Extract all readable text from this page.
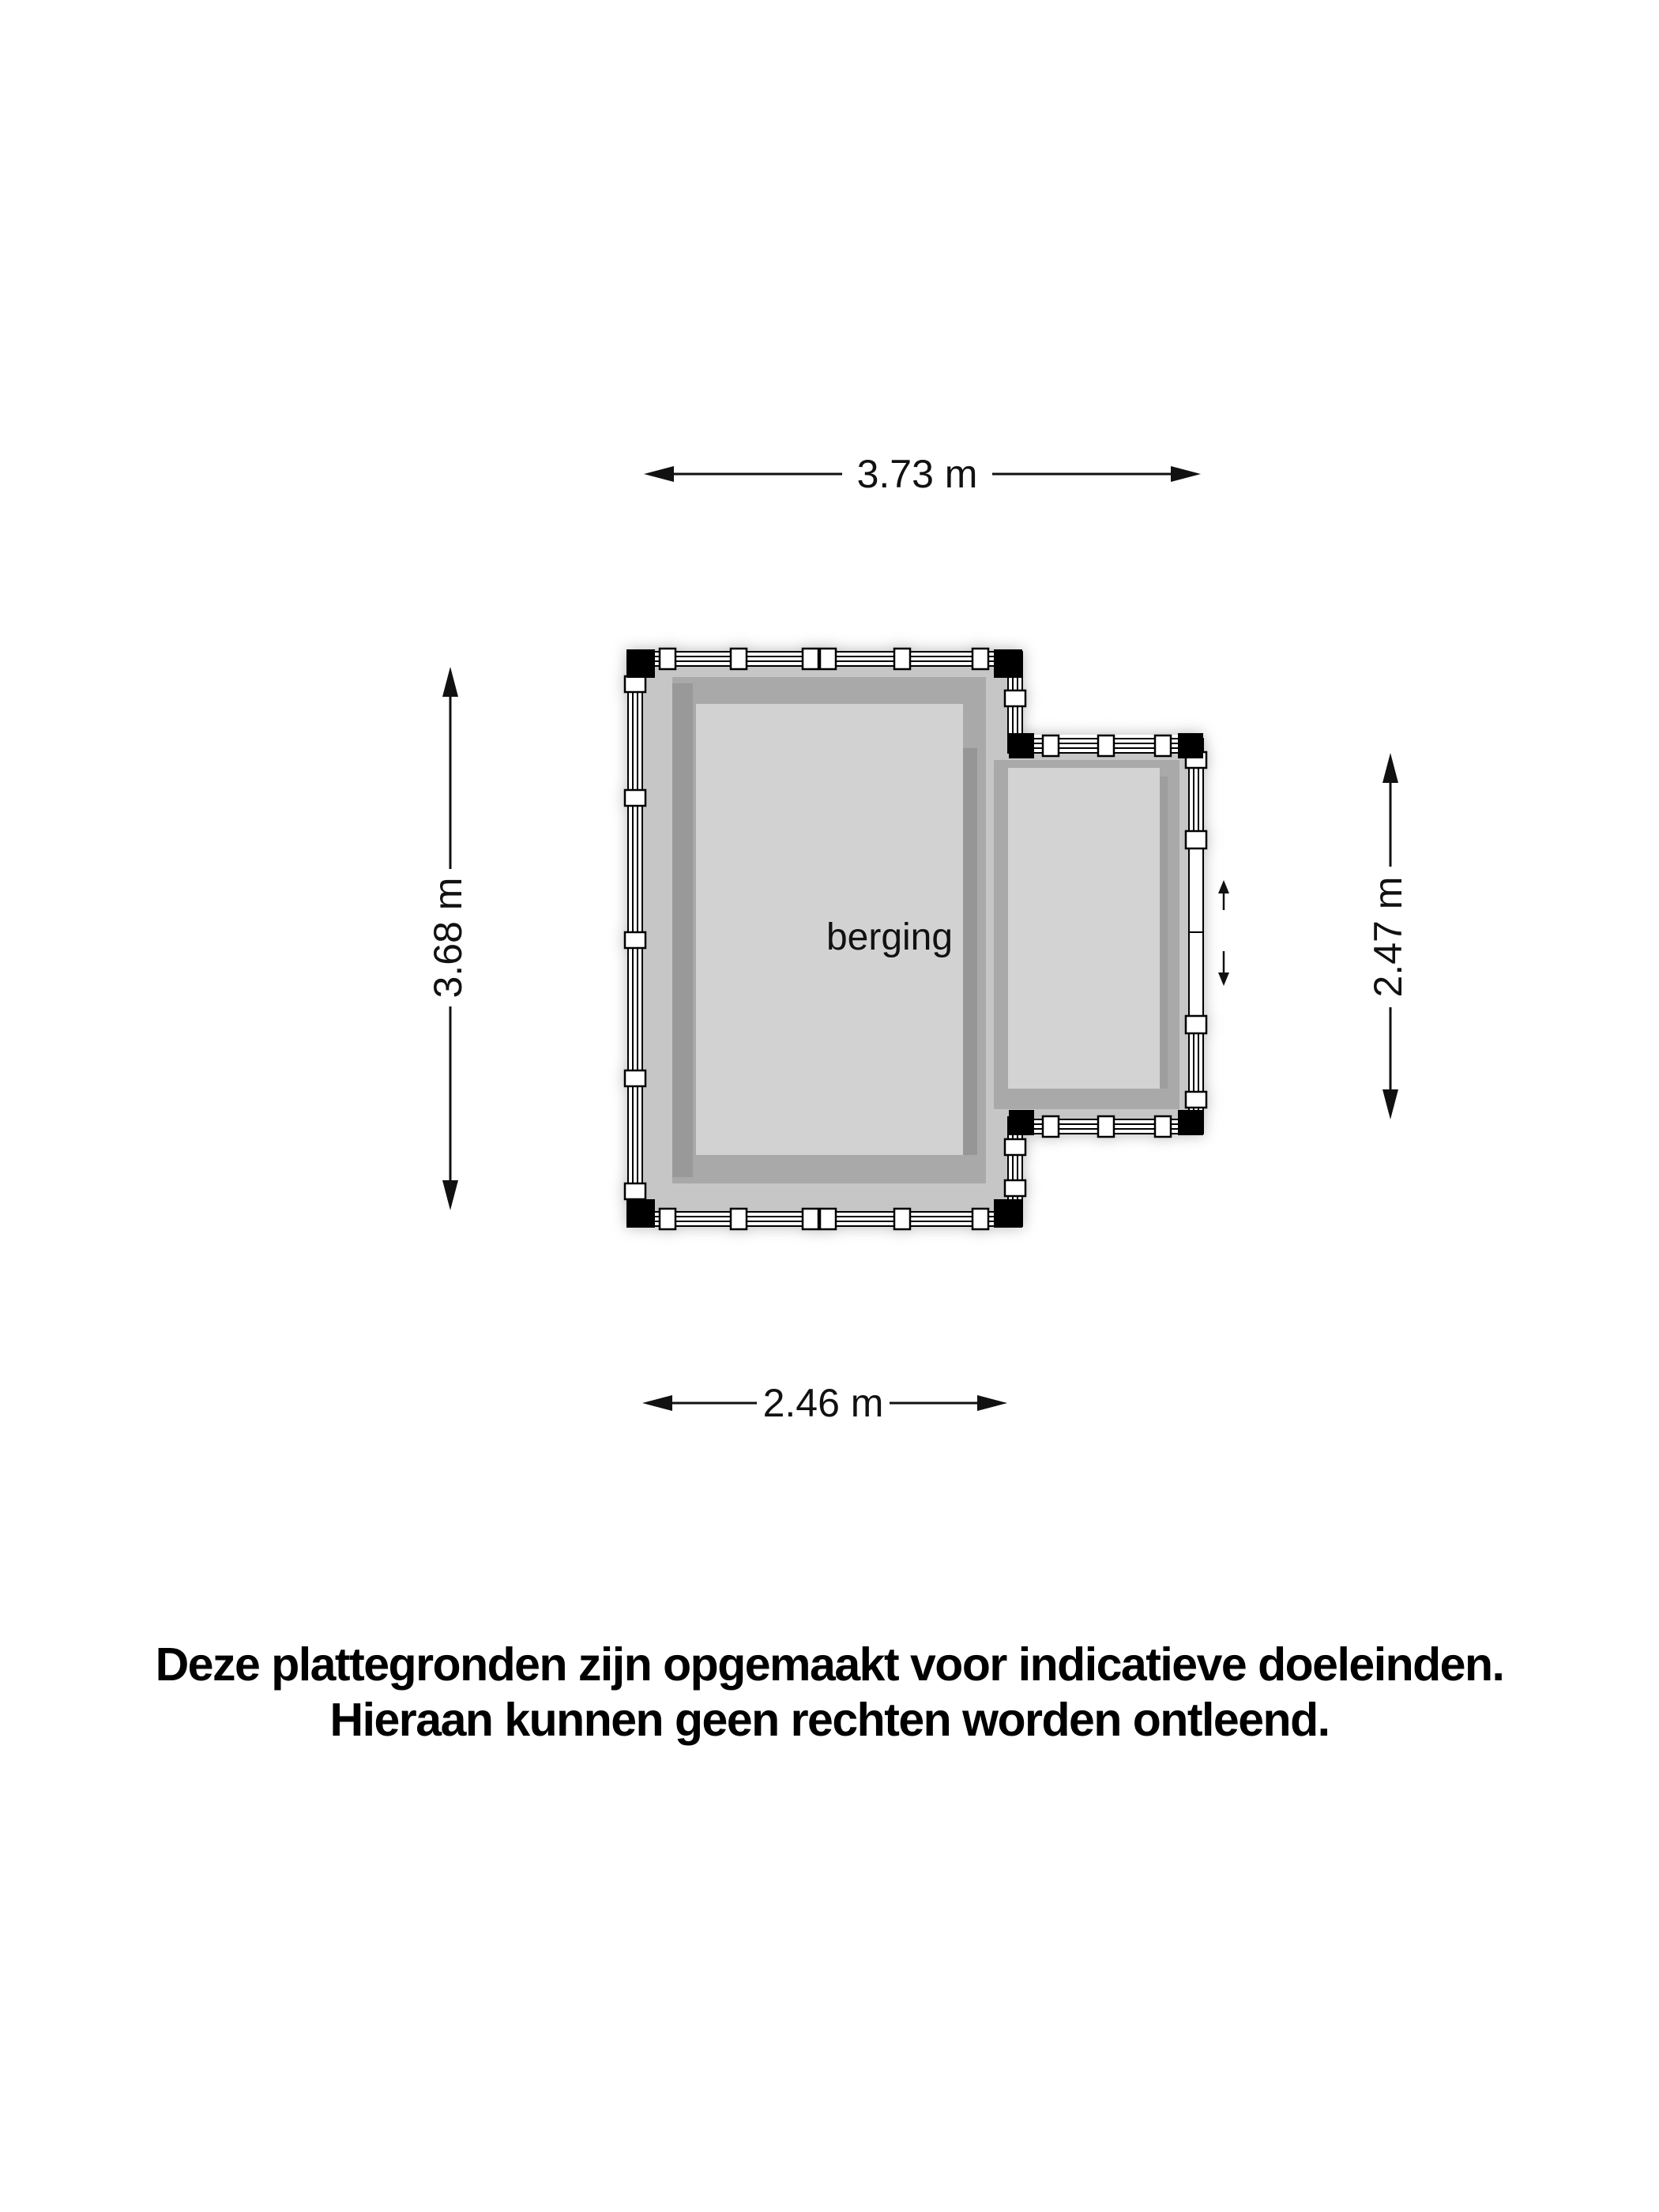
berging
3.73 m
3.68 m	2.47 m
2.46 m
Deze plattegronden zijn opgemaakt voor indicatieve doeleinden.
Hieraan kunnen geen rechten worden ontleend.
